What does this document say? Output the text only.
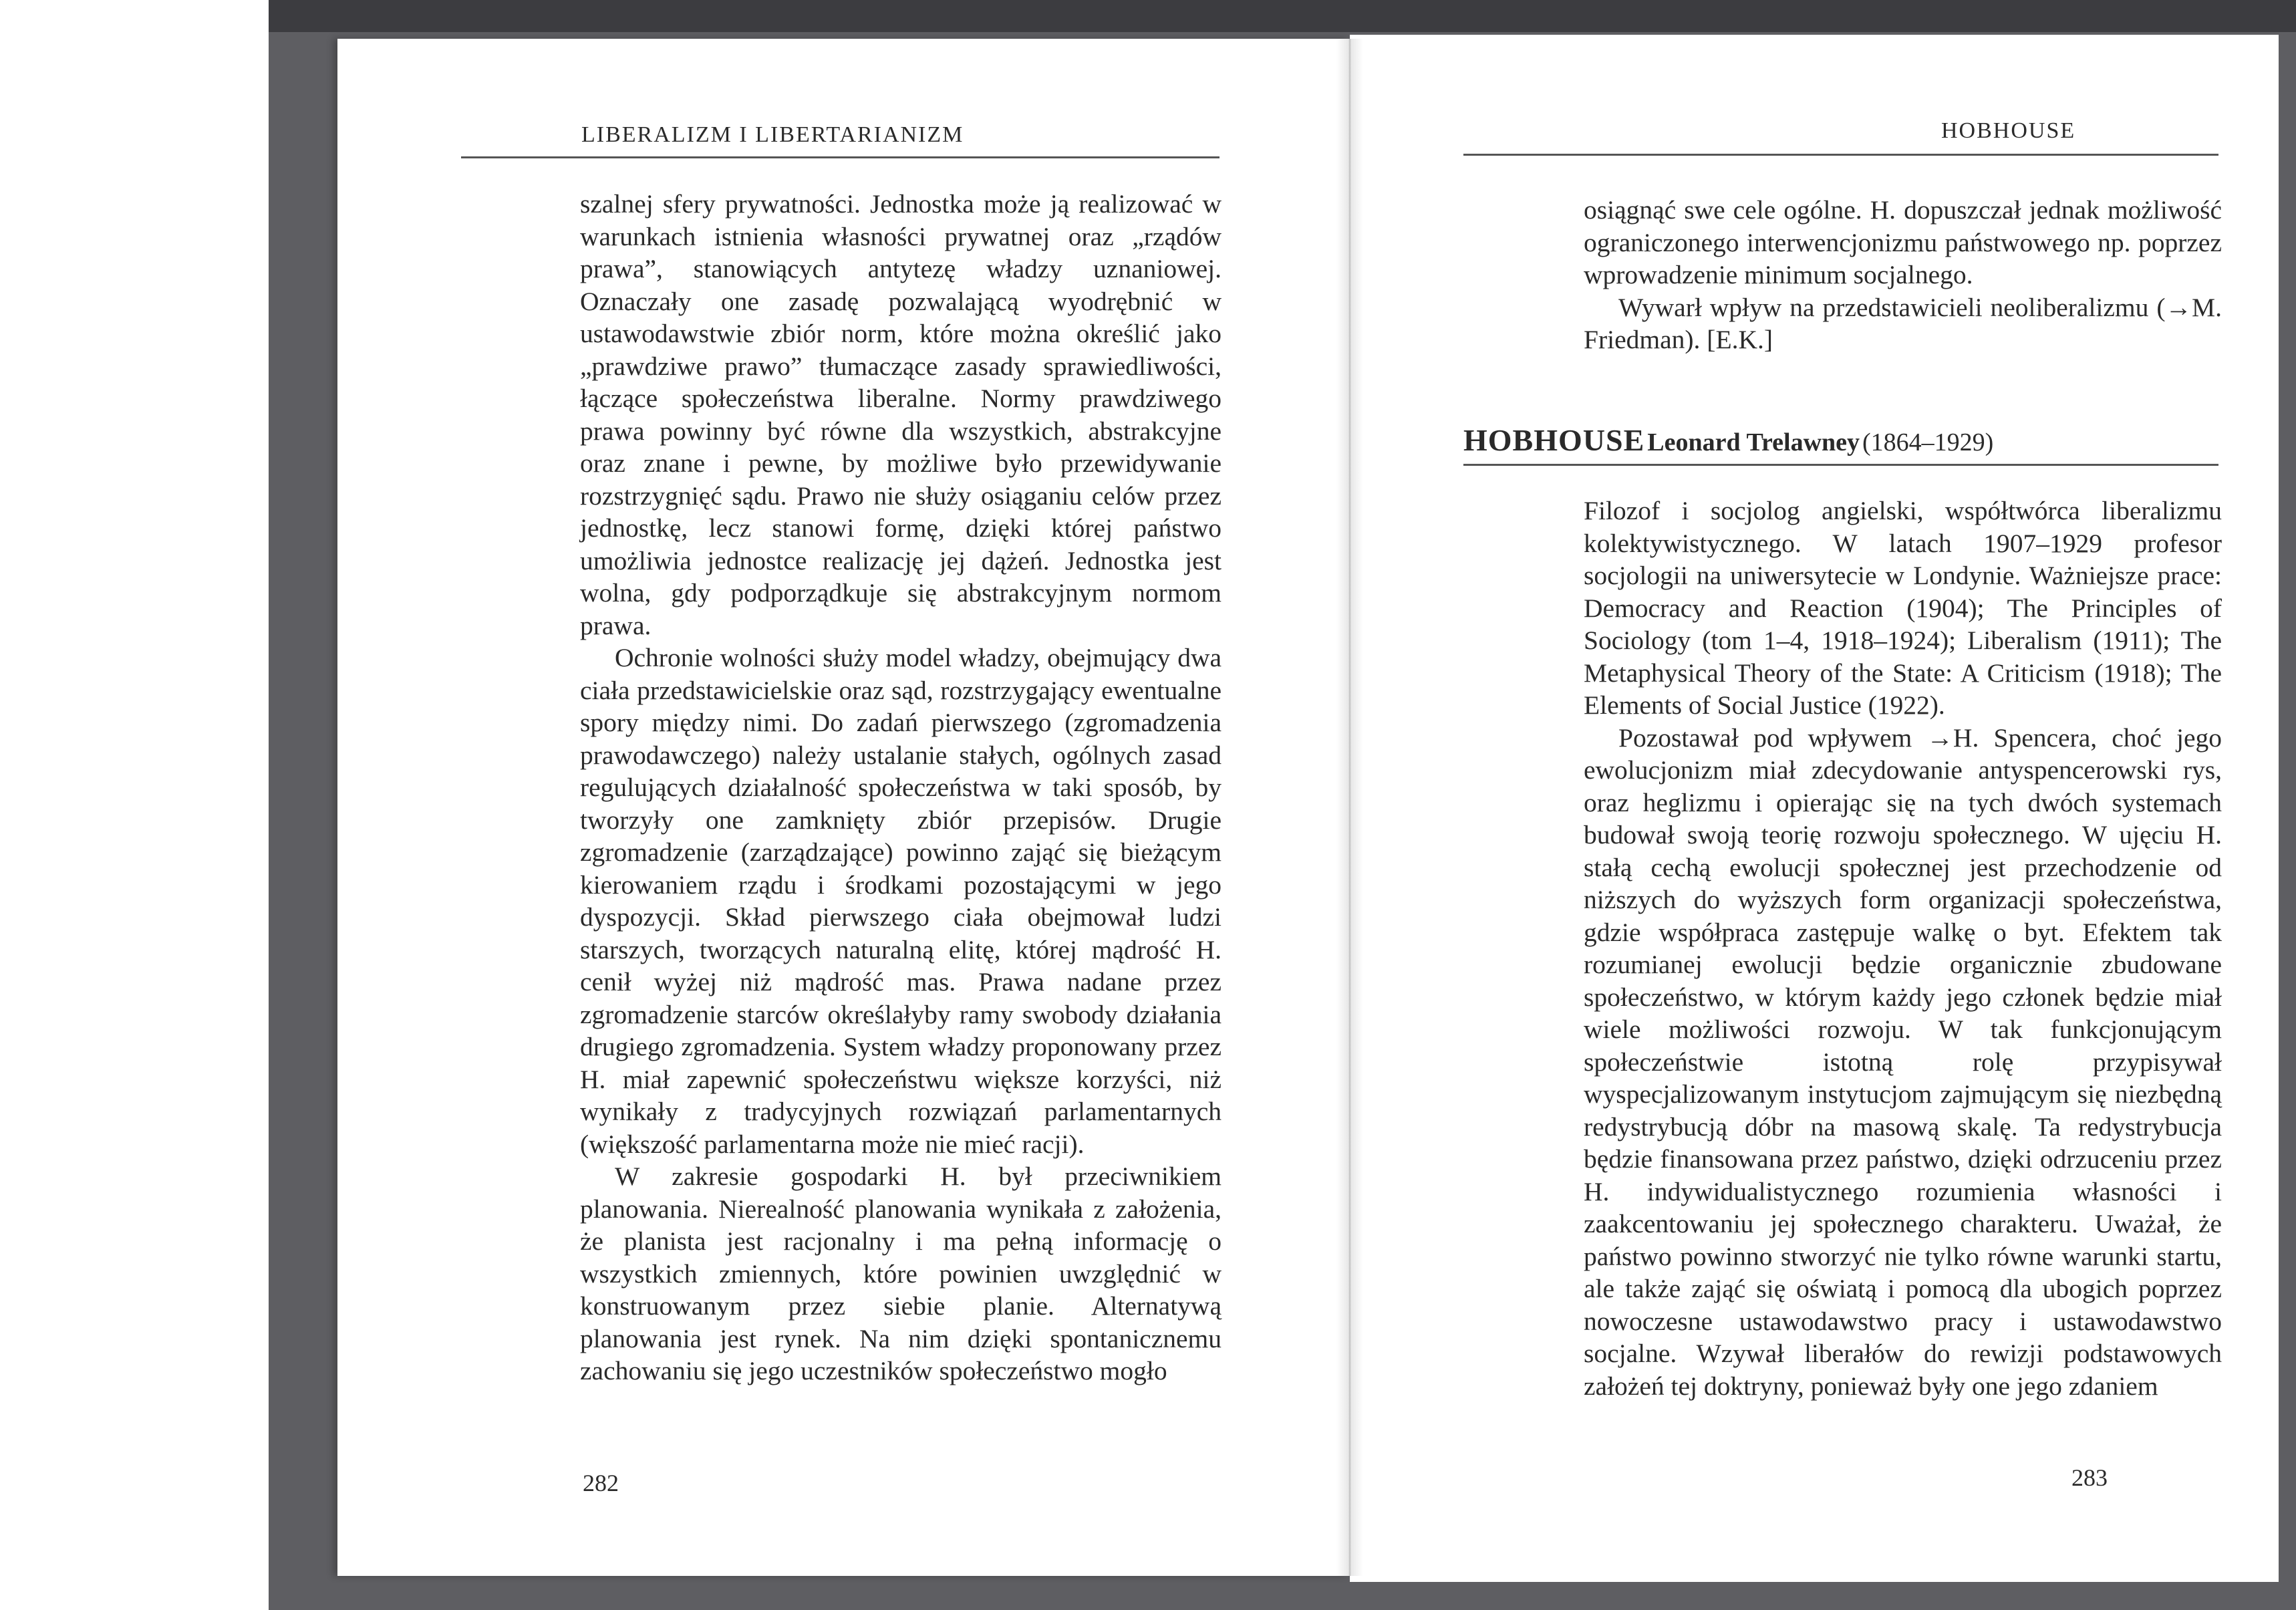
LIBERALIZM I LIBERTARIANIZM

szalnej sfery prywatności. Jednostka może ją realizować w warunkach istnienia własności prywatnej oraz „rządów prawa”, stanowiących antytezę władzy uznaniowej. Oznaczały one zasadę pozwalającą wyodrębnić w ustawodawstwie zbiór norm, które można określić jako „prawdziwe prawo” tłumaczące zasady sprawiedliwości, łączące społeczeństwa liberalne. Normy prawdziwego prawa powinny być równe dla wszystkich, abstrakcyjne oraz znane i pewne, by możliwe było przewidywanie rozstrzygnięć sądu. Prawo nie służy osiąganiu celów przez jednostkę, lecz stanowi formę, dzięki której państwo umożliwia jednostce realizację jej dążeń. Jednostka jest wolna, gdy podporządkuje się abstrakcyjnym normom prawa.

Ochronie wolności służy model władzy, obejmujący dwa ciała przedstawicielskie oraz sąd, rozstrzygający ewentualne spory między nimi. Do zadań pierwszego (zgromadzenia prawodawczego) należy ustalanie stałych, ogólnych zasad regulujących działalność społeczeństwa w taki sposób, by tworzyły one zamknięty zbiór przepisów. Drugie zgromadzenie (zarządzające) powinno zająć się bieżącym kierowaniem rządu i środkami pozostającymi w jego dyspozycji. Skład pierwszego ciała obejmował ludzi starszych, tworzących naturalną elitę, której mądrość H. cenił wyżej niż mądrość mas. Prawa nadane przez zgromadzenie starców określałyby ramy swobody działania drugiego zgromadzenia. System władzy proponowany przez H. miał zapewnić społeczeństwu większe korzyści, niż wynikały z tradycyjnych rozwiązań parlamentarnych (większość parlamentarna może nie mieć racji).

W zakresie gospodarki H. był przeciwnikiem planowania. Nierealność planowania wynikała z założenia, że planista jest racjonalny i ma pełną informację o wszystkich zmiennych, które powinien uwzględnić w konstruowanym przez siebie planie. Alternatywą planowania jest rynek. Na nim dzięki spontanicznemu zachowaniu się jego uczestników społeczeństwo mogło

282
HOBHOUSE

osiągnąć swe cele ogólne. H. dopuszczał jednak możliwość ograniczonego interwencjonizmu państwowego np. poprzez wprowadzenie minimum socjalnego.

Wywarł wpływ na przedstawicieli neoliberalizmu (→M. Friedman). [E.K.]

HOBHOUSE Leonard Trelawney (1864–1929)

Filozof i socjolog angielski, współtwórca liberalizmu kolektywistycznego. W latach 1907–1929 profesor socjologii na uniwersytecie w Londynie. Ważniejsze prace: Democracy and Reaction (1904); The Principles of Sociology (tom 1–4, 1918–1924); Liberalism (1911); The Metaphysical Theory of the State: A Criticism (1918); The Elements of Social Justice (1922).

Pozostawał pod wpływem →H. Spencera, choć jego ewolucjonizm miał zdecydowanie antyspencerowski rys, oraz heglizmu i opierając się na tych dwóch systemach budował swoją teorię rozwoju społecznego. W ujęciu H. stałą cechą ewolucji społecznej jest przechodzenie od niższych do wyższych form organizacji społeczeństwa, gdzie współpraca zastępuje walkę o byt. Efektem tak rozumianej ewolucji będzie organicznie zbudowane społeczeństwo, w którym każdy jego członek będzie miał wiele możliwości rozwoju. W tak funkcjonującym społeczeństwie istotną rolę przypisywał wyspecjalizowanym instytucjom zajmującym się niezbędną redystrybucją dóbr na masową skalę. Ta redystrybucja będzie finansowana przez państwo, dzięki odrzuceniu przez H. indywidualistycznego rozumienia własności i zaakcentowaniu jej społecznego charakteru. Uważał, że państwo powinno stworzyć nie tylko równe warunki startu, ale także zająć się oświatą i pomocą dla ubogich poprzez nowoczesne ustawodawstwo pracy i ustawodawstwo socjalne. Wzywał liberałów do rewizji podstawowych założeń tej doktryny, ponieważ były one jego zdaniem

283
